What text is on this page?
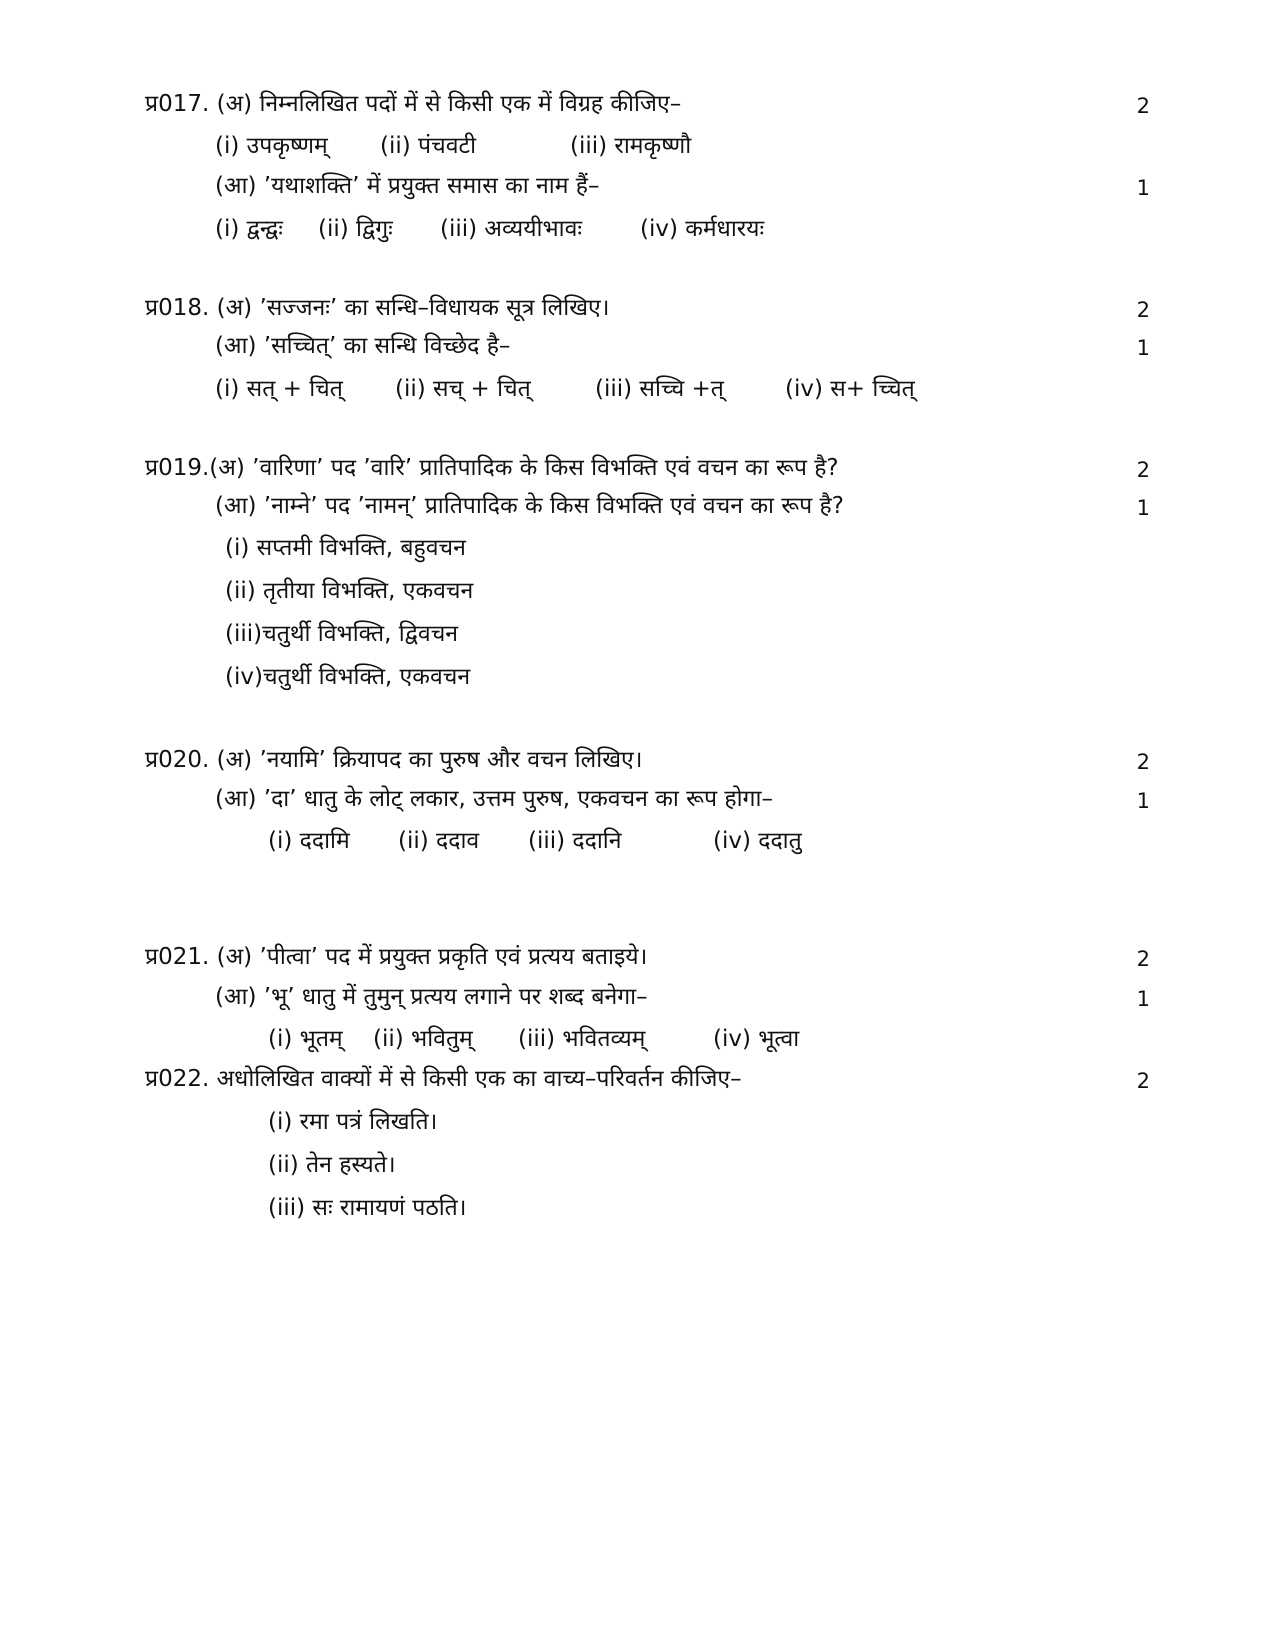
प्र017. (अ) निम्नलिखित पदों में से किसी एक में विग्रह कीजिए–	2
(i) उपकृष्णम् (ii) पंचवटी	(iii) रामकृष्णौ
(आ) ’यथाशक्ति’ में प्रयुक्त समास का नाम हैं–	1
(i) द्वन्द्वः (ii) द्विगुः (iii) अव्ययीभावः	(iv) कर्मधारयः
प्र018. (अ) ’सज्जनः’ का सन्धि–विधायक सूत्र लिखिए।	2
(आ) ’सच्चित्’ का सन्धि विच्छेद है–	1
(i) सत् + चित् (ii) सच् + चित्	(iii) सच्चि +त्	(iv) स+ च्चित्
प्र019.(अ) ’वारिणा’ पद ’वारि’ प्रातिपादिक के किस विभक्ति एवं वचन का रूप है?	2
(आ) ’नाम्ने’ पद ’नामन्’ प्रातिपादिक के किस विभक्ति एवं वचन का रूप है?	1
(i) सप्तमी विभक्ति, बहुवचन
(ii) तृतीया विभक्ति, एकवचन
(iii)चतुर्थी विभक्ति, द्विवचन
(iv)चतुर्थी विभक्ति, एकवचन
प्र020. (अ) ’नयामि’ क्रियापद का पुरुष और वचन लिखिए।	2
(आ) ’दा’ धातु के लोट् लकार, उत्तम पुरुष, एकवचन का रूप होगा–	1
(i) ददामि (ii) ददाव (iii) ददानि	(iv) ददातु
प्र021. (अ) ’पीत्वा’ पद में प्रयुक्त प्रकृति एवं प्रत्यय बताइये।	2
(आ) ’भू’ धातु में तुमुन् प्रत्यय लगाने पर शब्द बनेगा–	1
(i) भूतम् (ii) भवितुम् (iii) भवितव्यम्	(iv) भूत्वा
प्र022. अधोलिखित वाक्यों में से किसी एक का वाच्य–परिवर्तन कीजिए–	2
(i) रमा पत्रं लिखति।
(ii) तेन हस्यते।
(iii) सः रामायणं पठति।
